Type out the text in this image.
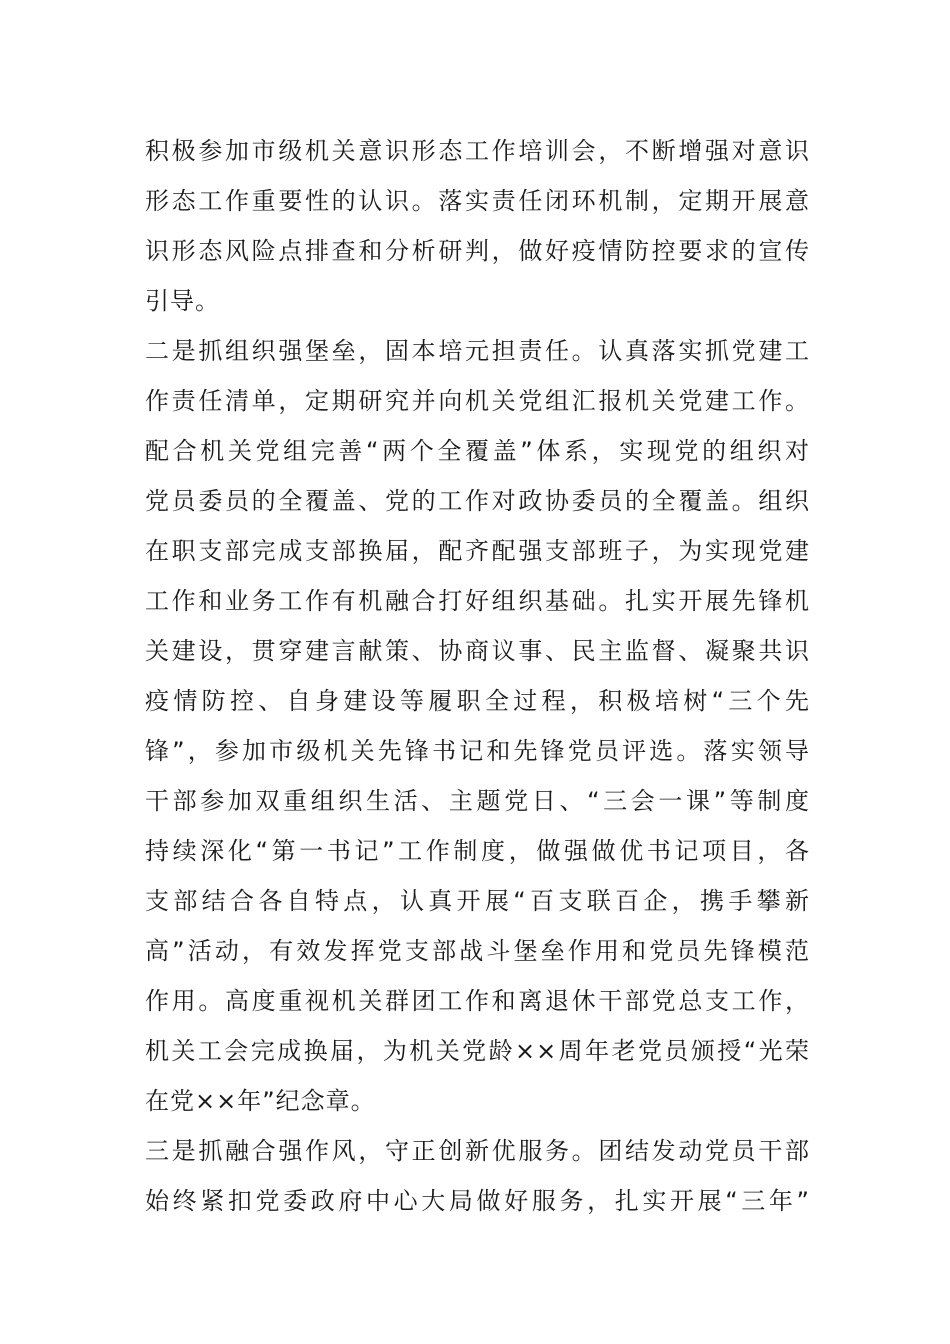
积极参加市级机关意识形态工作培训会，不断增强对意识
形态工作重要性的认识。落实责任闭环机制，定期开展意
识形态风险点排查和分析研判，做好疫情防控要求的宣传
引导。
二是抓组织强堡垒，固本培元担责任。认真落实抓党建工
作责任清单，定期研究并向机关党组汇报机关党建工作。
配合机关党组完善“两个全覆盖”体系，实现党的组织对
党员委员的全覆盖、党的工作对政协委员的全覆盖。组织
在职支部完成支部换届，配齐配强支部班子，为实现党建
工作和业务工作有机融合打好组织基础。扎实开展先锋机
关建设，贯穿建言献策、协商议事、民主监督、凝聚共识
疫情防控、自身建设等履职全过程，积极培树“三个先
锋”，参加市级机关先锋书记和先锋党员评选。落实领导
干部参加双重组织生活、主题党日、“三会一课”等制度
持续深化“第一书记”工作制度，做强做优书记项目，各
支部结合各自特点，认真开展“百支联百企，携手攀新
高”活动，有效发挥党支部战斗堡垒作用和党员先锋模范
作用。高度重视机关群团工作和离退休干部党总支工作，
机关工会完成换届，为机关党龄××周年老党员颁授“光荣
在党××年”纪念章。
三是抓融合强作风，守正创新优服务。团结发动党员干部
始终紧扣党委政府中心大局做好服务，扎实开展“三年”
